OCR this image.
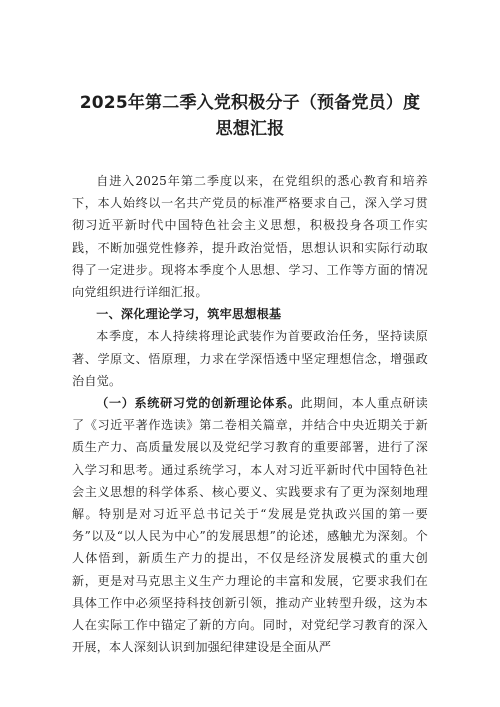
2025年第二季入党积极分子（预备党员）度
思想汇报

自进入2025年第二季度以来，在党组织的悉心教育和培养下，本人始终以一名共产党员的标准严格要求自己，深入学习贯彻习近平新时代中国特色社会主义思想，积极投身各项工作实践，不断加强党性修养，提升政治觉悟，思想认识和实际行动取得了一定进步。现将本季度个人思想、学习、工作等方面的情况向党组织进行详细汇报。

一、深化理论学习，筑牢思想根基

本季度，本人持续将理论武装作为首要政治任务，坚持读原著、学原文、悟原理，力求在学深悟透中坚定理想信念，增强政治自觉。

（一）系统研习党的创新理论体系。此期间，本人重点研读了《习近平著作选读》第二卷相关篇章，并结合中央近期关于新质生产力、高质量发展以及党纪学习教育的重要部署，进行了深入学习和思考。通过系统学习，本人对习近平新时代中国特色社会主义思想的科学体系、核心要义、实践要求有了更为深刻地理解。特别是对习近平总书记关于“发展是党执政兴国的第一要务”以及“以人民为中心”的发展思想”的论述，感触尤为深刻。个人体悟到，新质生产力的提出，不仅是经济发展模式的重大创新，更是对马克思主义生产力理论的丰富和发展，它要求我们在具体工作中必须坚持科技创新引领，推动产业转型升级，这为本人在实际工作中锚定了新的方向。同时，对党纪学习教育的深入开展，本人深刻认识到加强纪律建设是全面从严
